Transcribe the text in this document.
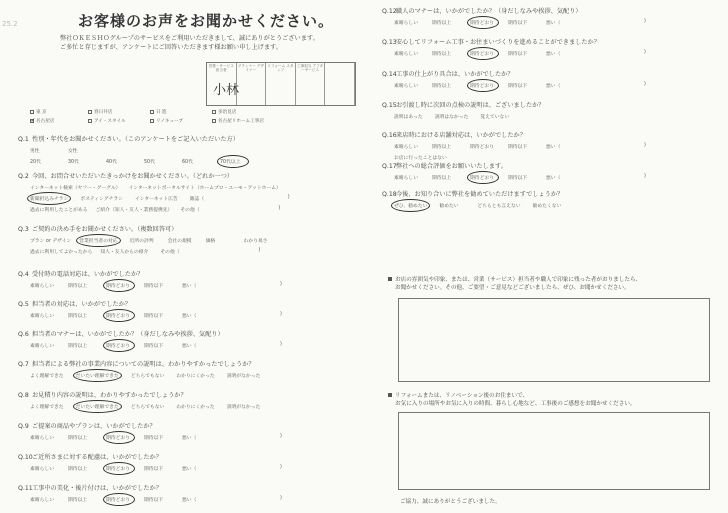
25.2	お客様のお声をお聞かせください。
弊社ＯＫＥＳＨＯグループのサービスをご利用いただきまして、誠にありがとうございます。
ご多忙と存じますが、アンケートにご回答いただきます様お願い申し上げます。
営業・サービス担当者
プランナー デザイナー
リフォーム スタッフ
工事担当 アフターサービス
小林
東 京	春日井店	日 進	多治見店
✓
名古屋店	アイ・スタイル	リノキューブ	名古屋リホーム工事店
Q.1 性別・年代をお聞かせください。（このアンケートをご記入いただいた方）
男性	女性
20代	30代	40代	50代	60代	70代以上
Q.2 今回、お問合せいただいたきっかけをお聞かせください。（どれか一つ）
インターネット検索（ヤフー・グーグル） インターネットポータルサイト（ホームプロ・ユーモ・アットホーム）
新聞折込みチラシ	ポスティングチラシ	インターネット広告	雑誌（	)
過去に利用したことがある ご紹介（知人・友人・業務提携先） その他（	)
Q.3 ご契約の決め手をお聞かせください。（複数回答可）
プラン or デザイン 営業担当者の対応	近所の評判	会社の規模	価格	わかり易さ
過去に利用してよかったから 知人・友人からの紹介	その他（	)
Q.4 受付時の電話対応は、いかがでしたか？
素晴らしい	期待以上	期待どおり	期待以下	悪い（	)
Q.5 担当者の対応は、いかがでしたか？
素晴らしい	期待以上	期待どおり	期待以下	悪い（	)
Q.6 担当者のマナーは、いかがでしたか？（身だしなみや挨拶、気配り）
素晴らしい	期待以上	期待どおり	期待以下	悪い（	)
Q.7 担当者による弊社の事業内容についての説明は、わかりやすかったでしょうか？
よく理解できた	だいたい理解できた	どちらでもない	わかりにくかった	説明がなかった
Q.8 お見積り内容の説明は、わかりやすかったでしょうか？
よく理解できた	だいたい理解できた	どちらでもない	わかりにくかった	説明がなかった
Q.9 ご提案の商品やプランは、いかがでしたか？
素晴らしい	期待以上	期待どおり	期待以下	悪い（	)
Q.10ご近所さまに対する配慮は、いかがでしたか？
素晴らしい	期待以上	期待どおり	期待以下	悪い（	)
Q.11工事中の美化・後片付けは、いかがでしたか？
素晴らしい	期待以上	期待どおり	期待以下	悪い（	)
Q.12職人のマナーは、いかがでしたか？（身だしなみや挨拶、気配り）
素晴らしい	期待以上	期待どおり	期待以下	悪い（	)
Q.13安心してリフォーム工事・お住まいづくりを進めることができましたか？
素晴らしい	期待以上	期待どおり	期待以下	悪い（	)
Q.14工事の仕上がり具合は、いかがでしたか？
素晴らしい	期待以上	期待どおり	期待以下	悪い（	)
Q.15お引渡し時に次回の点検の説明は、ございましたか？
説明はあった	説明はなかった	覚えていない
Q.16来店時における店舗対応は、いかがでしたか？
素晴らしい	期待以上	期待どおり	期待以下	悪い（	)
お店に行ったことはない
Q.17弊社への総合評価をお願いいたします。
素晴らしい	期待以上	期待どおり	期待以下	悪い（	)
Q.18今後、お知り合いに弊社を勧めていただけますでしょうか？
ぜひ、勧めたい	勧めたい	どちらとも言えない	勧めたくない
お店の雰囲気や印象、または、営業（サービス）担当者や職人で印象に残った者がおりましたら、
お聞かせください。その他、ご要望・ご意見などございましたら、ぜひ、お聞かせください。
リフォームまたは、リノベーション後のお住まいで、
お気に入りの場所やお気に入りの時間、暮らし心地など、工事後のご感想をお聞かせください。
ご協力、誠にありがとうございました。
